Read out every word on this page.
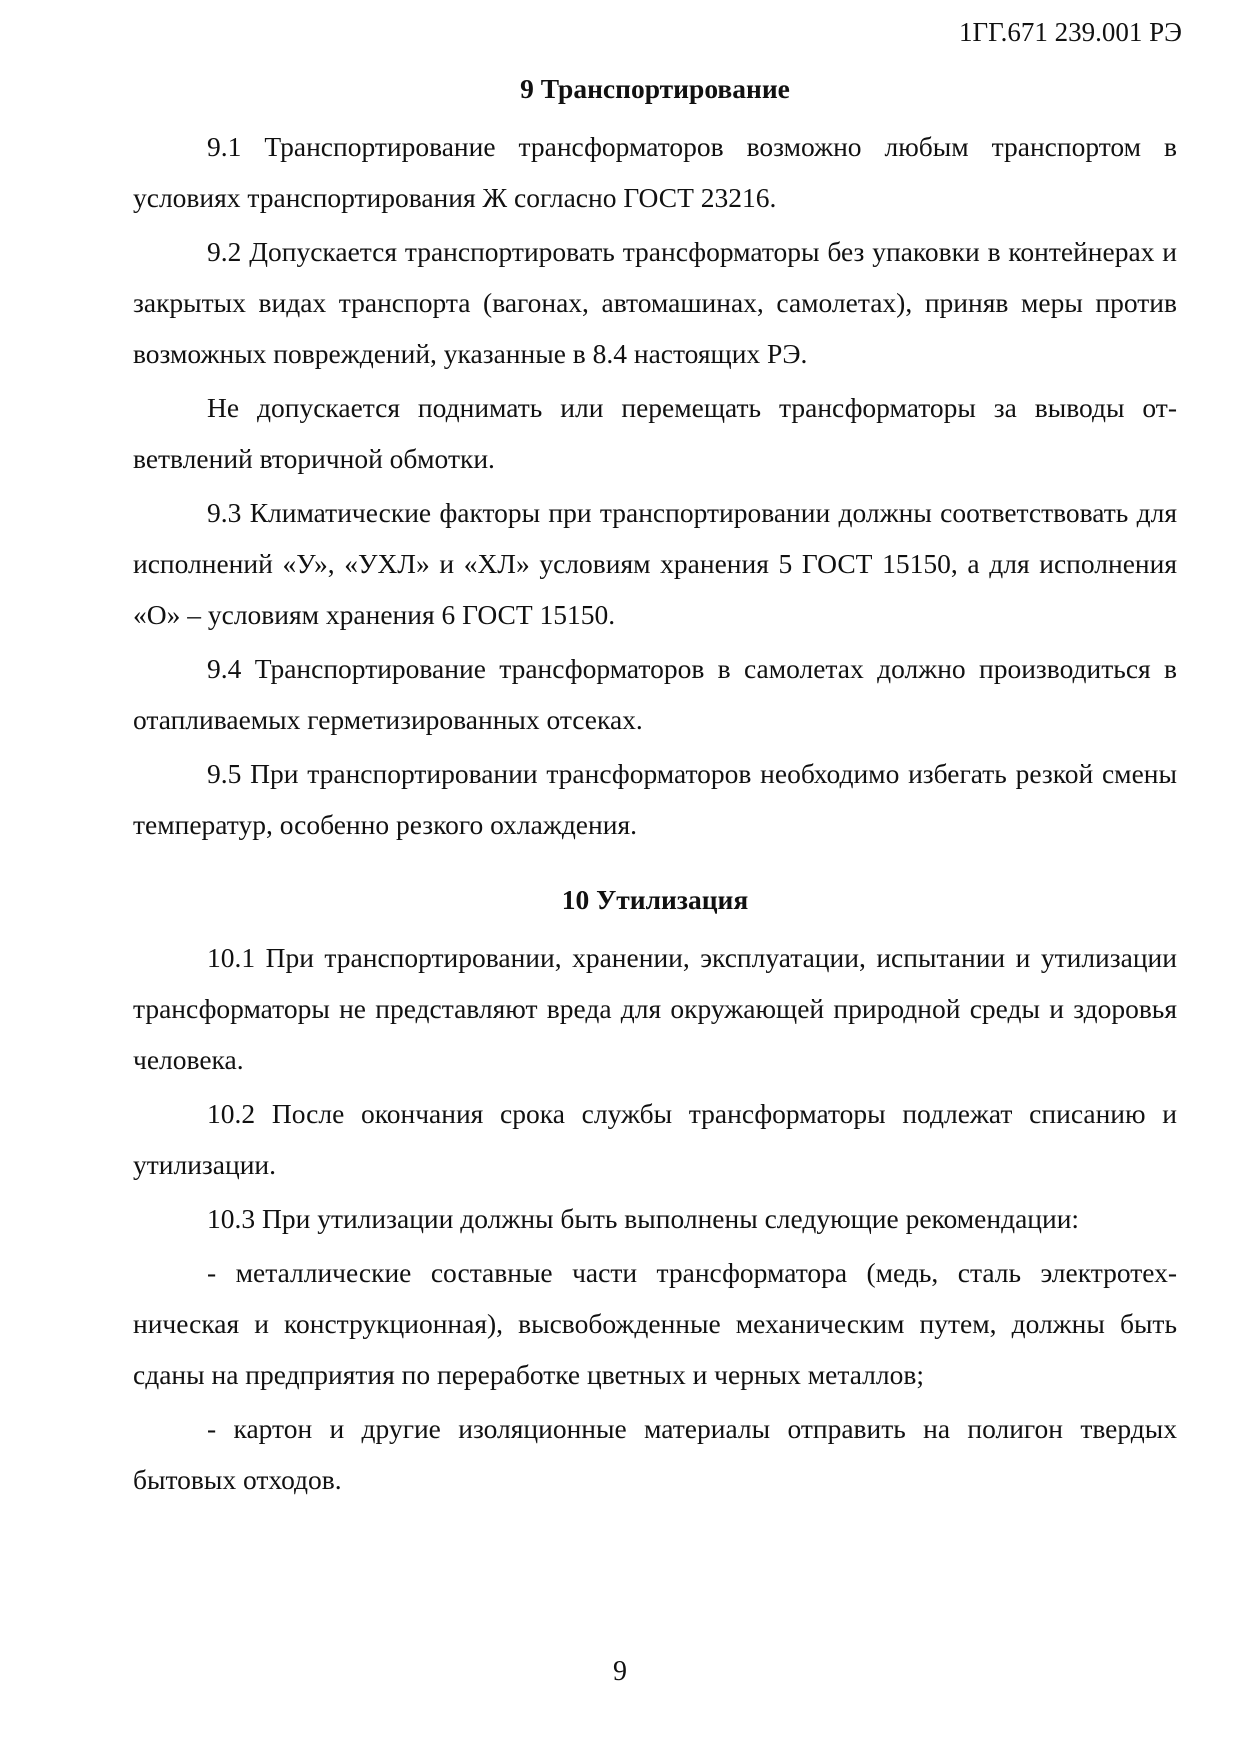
1ГГ.671 239.001 РЭ
9 Транспортирование

9.1 Транспортирование трансформаторов возможно любым транспортом в условиях транспортирования Ж согласно ГОСТ 23216.

9.2 Допускается транспортировать трансформаторы без упаковки в контейнерах и закрытых видах транспорта (вагонах, автомашинах, самолетах), приняв меры против возможных повреждений, указанные в 8.4 настоящих РЭ.

Не допускается поднимать или перемещать трансформаторы за выводы ответвлений вторичной обмотки.

9.3 Климатические факторы при транспортировании должны соответствовать для исполнений «У», «УХЛ» и «ХЛ» условиям хранения 5 ГОСТ 15150, а для исполнения «О» – условиям хранения 6 ГОСТ 15150.

9.4 Транспортирование трансформаторов в самолетах должно производиться в отапливаемых герметизированных отсеках.

9.5 При транспортировании трансформаторов необходимо избегать резкой смены температур, особенно резкого охлаждения.

10 Утилизация

10.1 При транспортировании, хранении, эксплуатации, испытании и утилизации трансформаторы не представляют вреда для окружающей природной среды и здоровья человека.

10.2 После окончания срока службы трансформаторы подлежат списанию и утилизации.

10.3 При утилизации должны быть выполнены следующие рекомендации:

- металлические составные части трансформатора (медь, сталь электротехническая и конструкционная), высвобожденные механическим путем, должны быть сданы на предприятия по переработке цветных и черных металлов;

- картон и другие изоляционные материалы отправить на полигон твердых бытовых отходов.

9
